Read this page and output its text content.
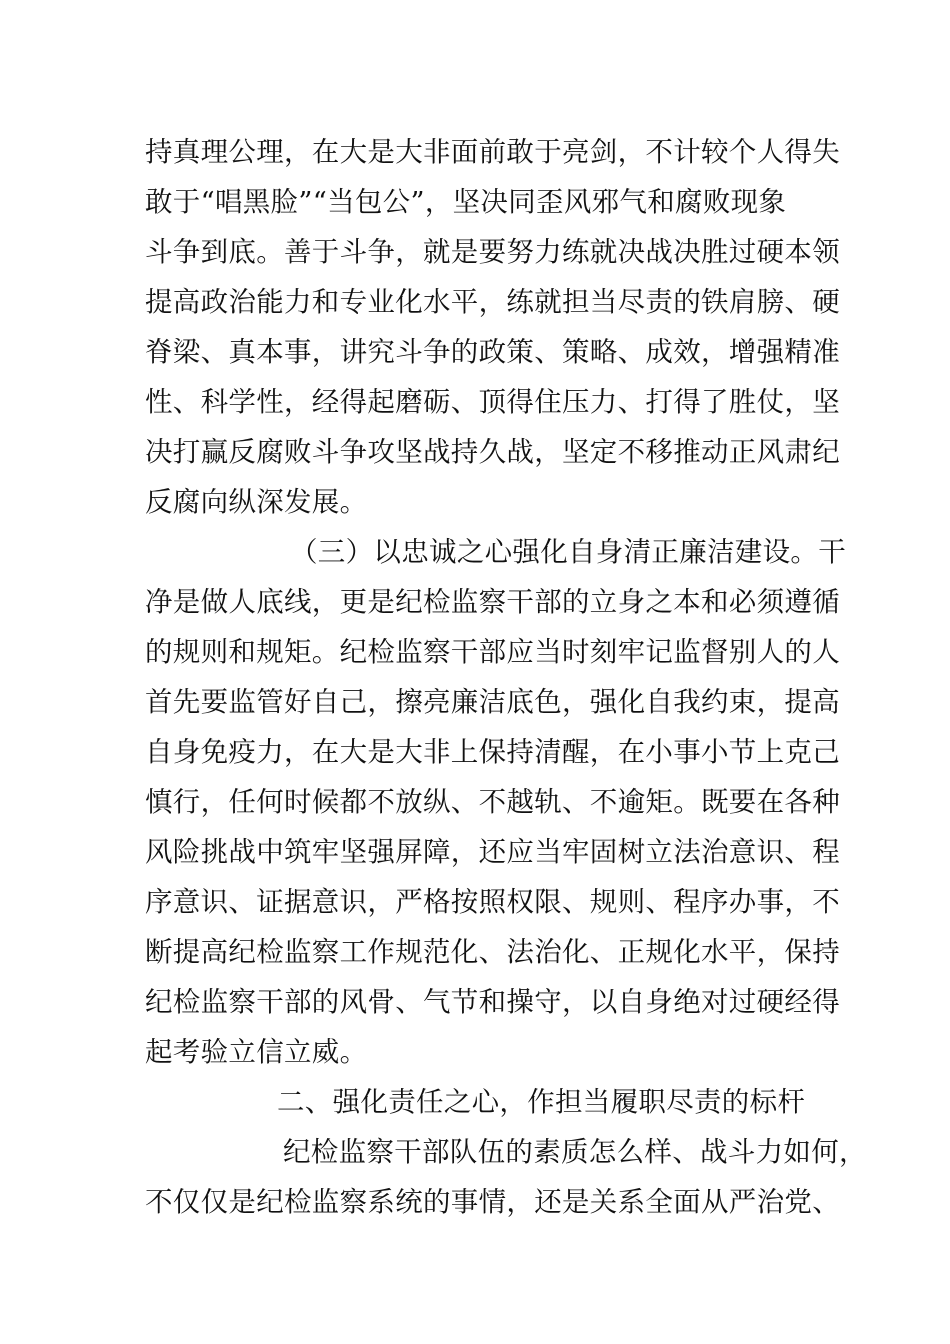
持真理公理，在大是大非面前敢于亮剑，不计较个人得失
敢于“唱黑脸”“当包公”，坚决同歪风邪气和腐败现象
斗争到底。善于斗争，就是要努力练就决战决胜过硬本领
提高政治能力和专业化水平，练就担当尽责的铁肩膀、硬
脊梁、真本事，讲究斗争的政策、策略、成效，增强精准
性、科学性，经得起磨砺、顶得住压力、打得了胜仗，坚
决打赢反腐败斗争攻坚战持久战，坚定不移推动正风肃纪
反腐向纵深发展。
（三）以忠诚之心强化自身清正廉洁建设。干
净是做人底线，更是纪检监察干部的立身之本和必须遵循
的规则和规矩。纪检监察干部应当时刻牢记监督别人的人
首先要监管好自己，擦亮廉洁底色，强化自我约束，提高
自身免疫力，在大是大非上保持清醒，在小事小节上克己
慎行，任何时候都不放纵、不越轨、不逾矩。既要在各种
风险挑战中筑牢坚强屏障，还应当牢固树立法治意识、程
序意识、证据意识，严格按照权限、规则、程序办事，不
断提高纪检监察工作规范化、法治化、正规化水平，保持
纪检监察干部的风骨、气节和操守，以自身绝对过硬经得
起考验立信立威。
二、强化责任之心，作担当履职尽责的标杆
纪检监察干部队伍的素质怎么样、战斗力如何，
不仅仅是纪检监察系统的事情，还是关系全面从严治党、
